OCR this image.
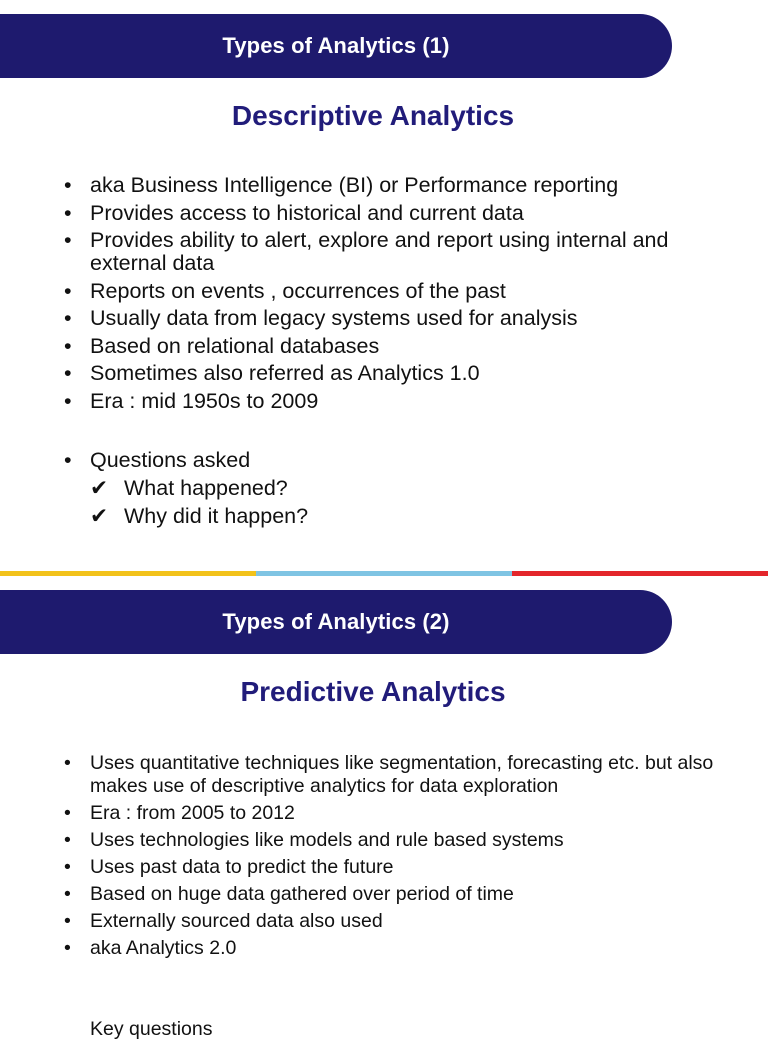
Types of Analytics (1)
Descriptive Analytics
• aka Business Intelligence (BI) or Performance reporting
• Provides access to historical and current data
• Provides ability to alert, explore and report using internal and external data
• Reports on events , occurrences of the past
• Usually data from legacy systems used for analysis
• Based on relational databases
• Sometimes also referred as Analytics 1.0
• Era : mid 1950s to 2009
• Questions asked
✔ What happened?
✔ Why did it happen?
Types of Analytics (2)
Predictive Analytics
• Uses quantitative techniques like segmentation, forecasting etc. but also makes use of descriptive analytics for data exploration
• Era : from 2005 to 2012
• Uses technologies like models and rule based systems
• Uses past data to predict the future
• Based on huge data gathered over period of time
• Externally sourced data also used
• aka Analytics 2.0
Key questions
